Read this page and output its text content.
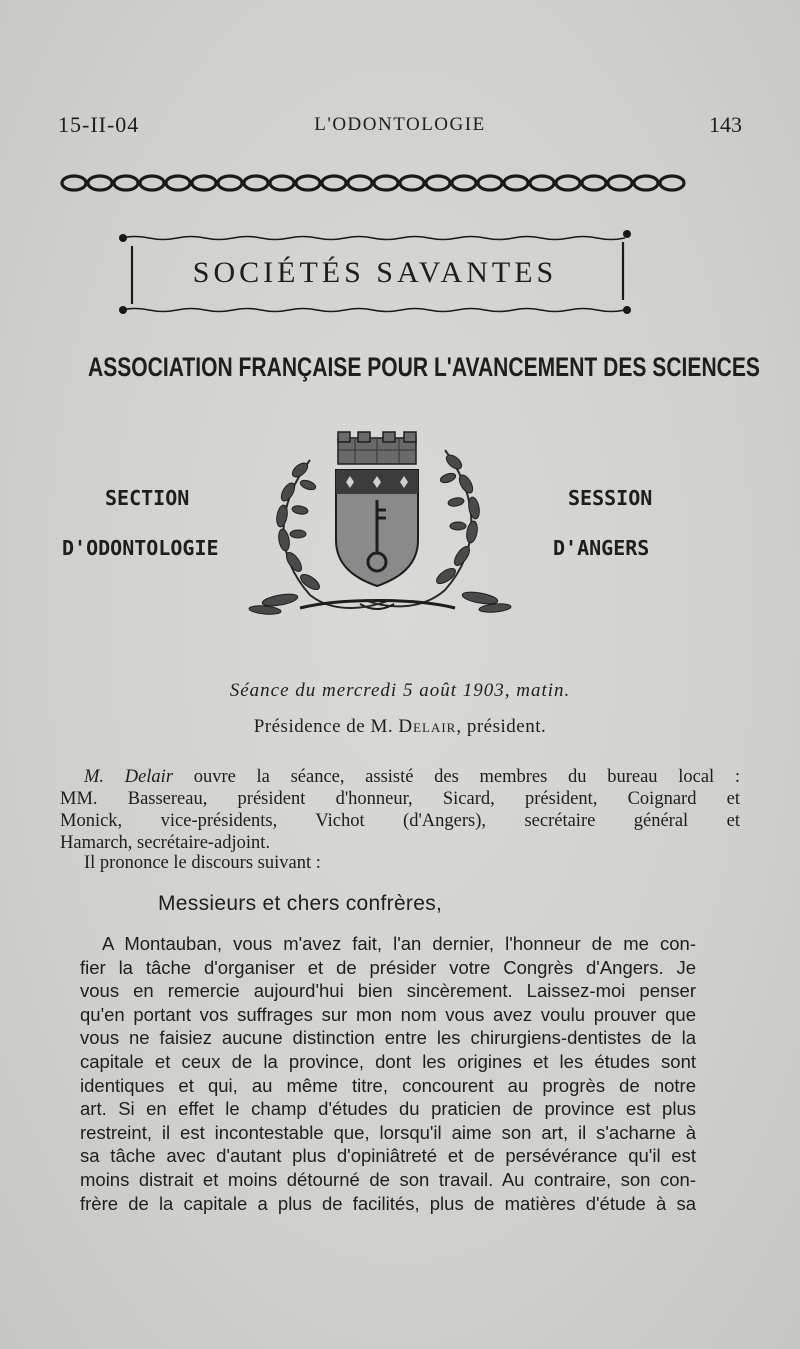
15-II-04	L'ODONTOLOGIE	143
SOCIÉTÉS SAVANTES
ASSOCIATION FRANÇAISE POUR L'AVANCEMENT DES SCIENCES
SECTION
D'ODONTOLOGIE
SESSION
D'ANGERS
Séance du mercredi 5 août 1903, matin.
Présidence de M. Delair, président.
M. Delair ouvre la séance, assisté des membres du bureau local :
MM. Bassereau, président d'honneur, Sicard, président, Coignard et
Monick, vice-présidents, Vichot (d'Angers), secrétaire général et
Hamarch, secrétaire-adjoint.
Il prononce le discours suivant :
Messieurs et chers confrères,
A Montauban, vous m'avez fait, l'an dernier, l'honneur de me con-
fier la tâche d'organiser et de présider votre Congrès d'Angers. Je
vous en remercie aujourd'hui bien sincèrement. Laissez-moi penser
qu'en portant vos suffrages sur mon nom vous avez voulu prouver que
vous ne faisiez aucune distinction entre les chirurgiens-dentistes de la
capitale et ceux de la province, dont les origines et les études sont
identiques et qui, au même titre, concourent au progrès de notre
art. Si en effet le champ d'études du praticien de province est plus
restreint, il est incontestable que, lorsqu'il aime son art, il s'acharne à
sa tâche avec d'autant plus d'opiniâtreté et de persévérance qu'il est
moins distrait et moins détourné de son travail. Au contraire, son con-
frère de la capitale a plus de facilités, plus de matières d'étude à sa
